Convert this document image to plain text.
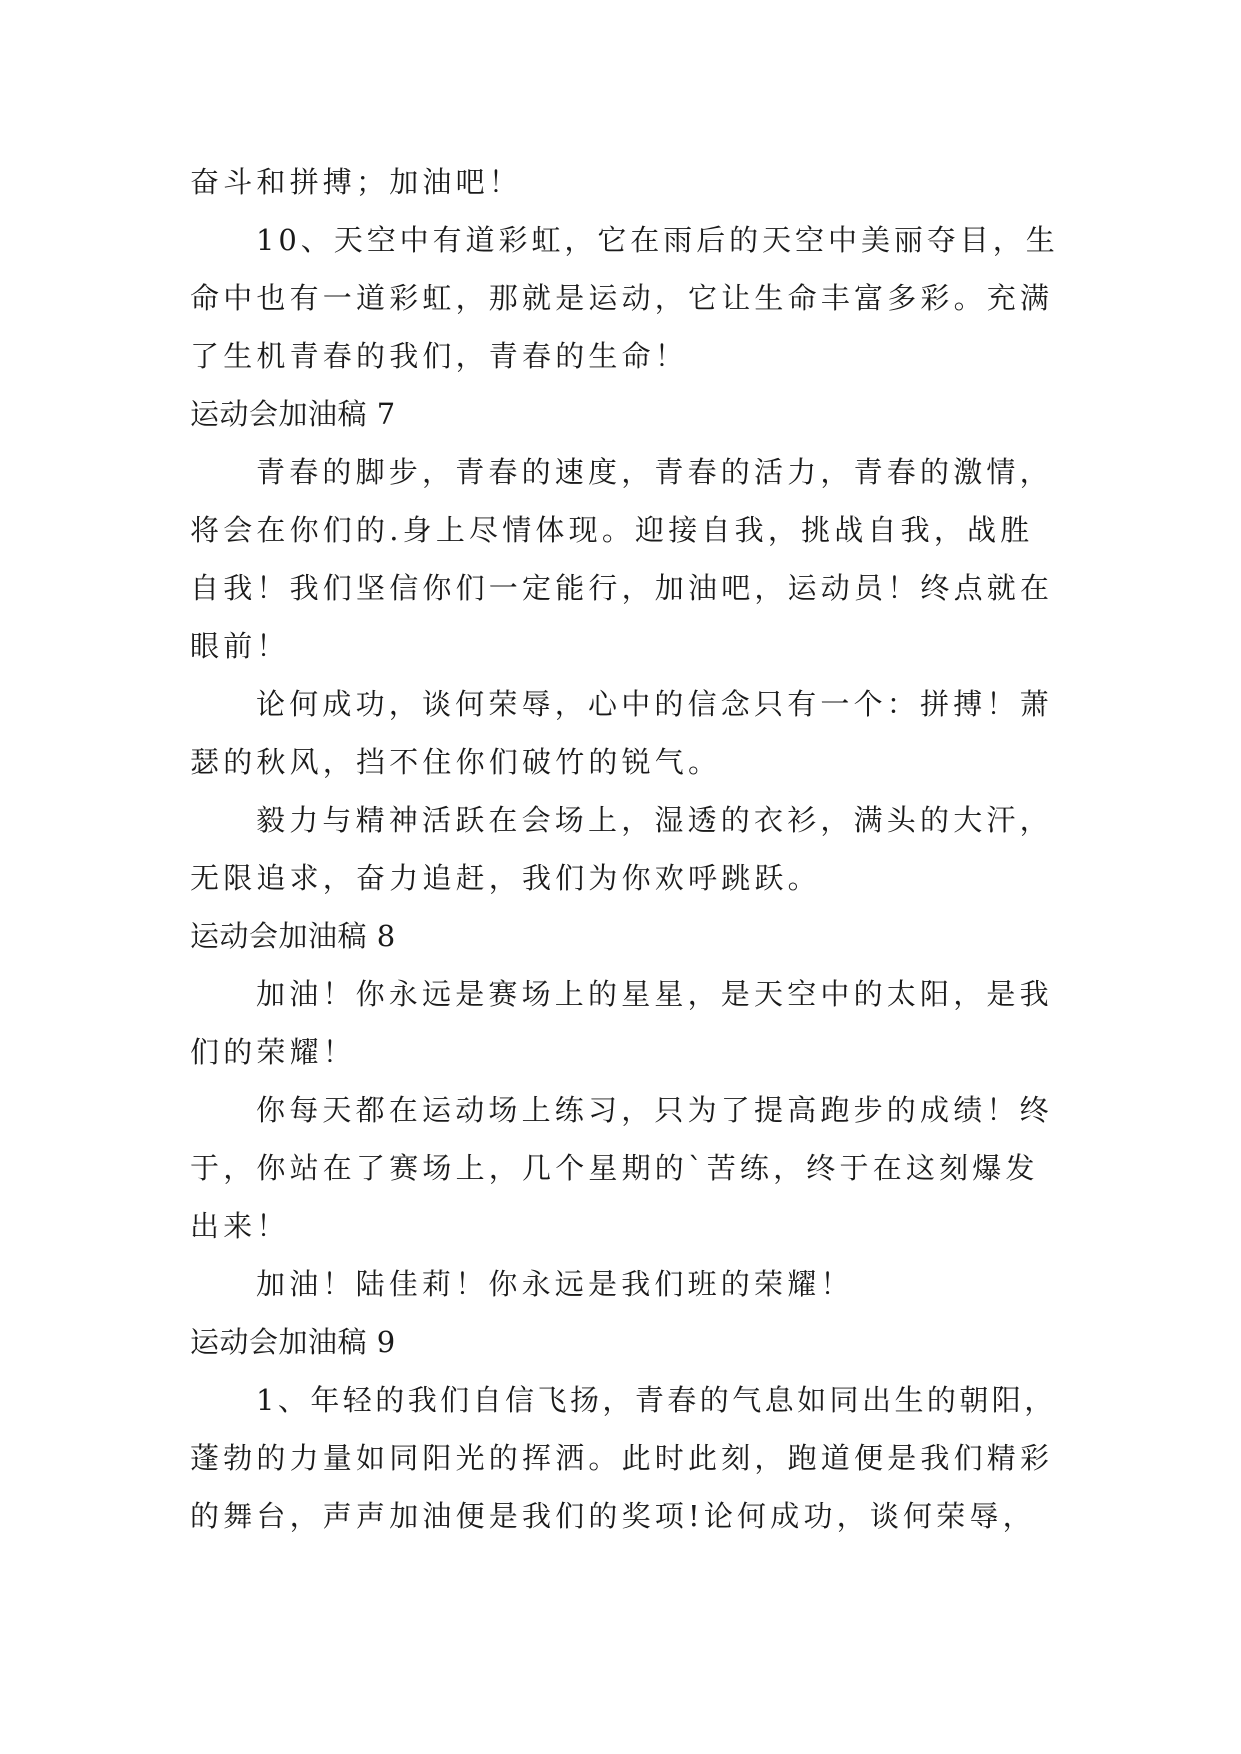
奋斗和拼搏；加油吧！
10、天空中有道彩虹，它在雨后的天空中美丽夺目，生
命中也有一道彩虹，那就是运动，它让生命丰富多彩。充满
了生机青春的我们，青春的生命！
运动会加油稿 7
青春的脚步，青春的速度，青春的活力，青春的激情，
将会在你们的.身上尽情体现。迎接自我，挑战自我，战胜
自我！我们坚信你们一定能行，加油吧，运动员！终点就在
眼前！
论何成功，谈何荣辱，心中的信念只有一个：拼搏！萧
瑟的秋风，挡不住你们破竹的锐气。
毅力与精神活跃在会场上，湿透的衣衫，满头的大汗，
无限追求，奋力追赶，我们为你欢呼跳跃。
运动会加油稿 8
加油！你永远是赛场上的星星，是天空中的太阳，是我
们的荣耀！
你每天都在运动场上练习，只为了提高跑步的成绩！终
于，你站在了赛场上，几个星期的`苦练，终于在这刻爆发
出来！
加油！陆佳莉！你永远是我们班的荣耀！
运动会加油稿 9
1、年轻的我们自信飞扬，青春的气息如同出生的朝阳，
蓬勃的力量如同阳光的挥洒。此时此刻，跑道便是我们精彩
的舞台，声声加油便是我们的奖项!论何成功，谈何荣辱，
